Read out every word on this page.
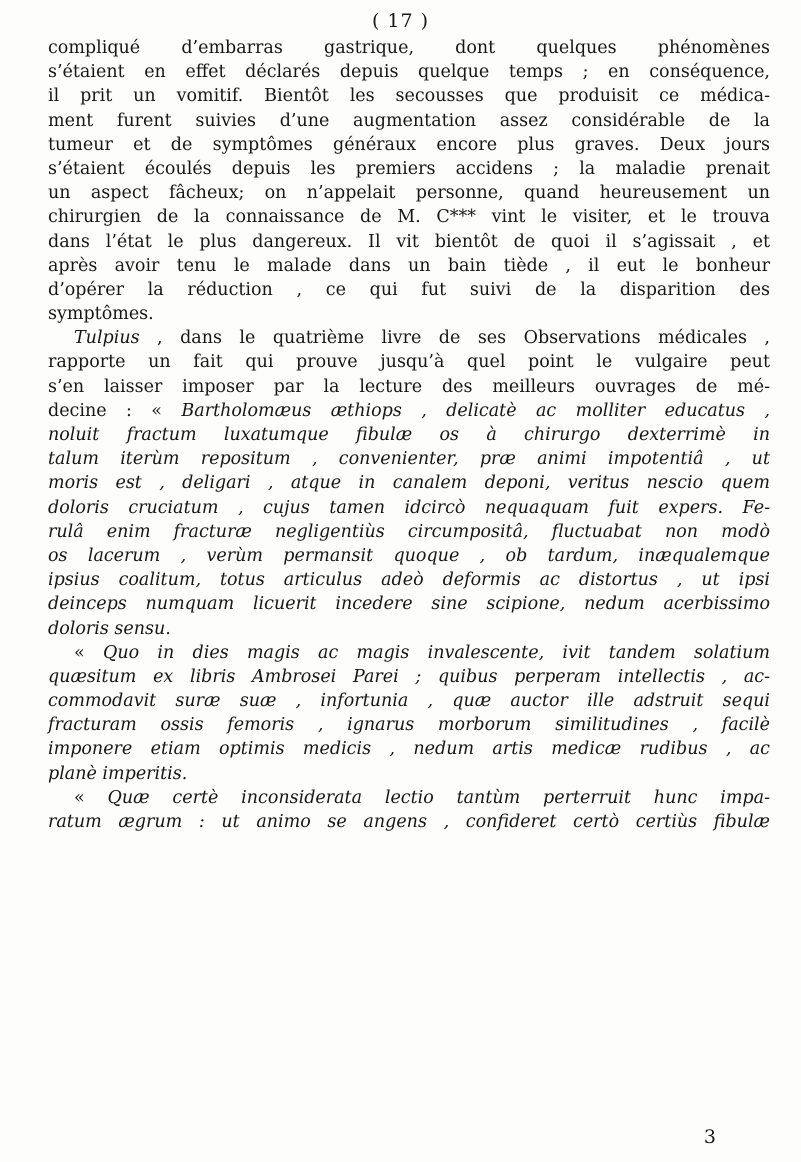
( 17 )
compliqué d’embarras gastrique, dont quelques phénomènes
s’étaient en effet déclarés depuis quelque temps ; en conséquence,
il prit un vomitif. Bientôt les secousses que produisit ce médica-
ment furent suivies d’une augmentation assez considérable de la
tumeur et de symptômes généraux encore plus graves. Deux jours
s’étaient écoulés depuis les premiers accidens ; la maladie prenait
un aspect fâcheux; on n’appelait personne, quand heureusement un
chirurgien de la connaissance de M. C*** vint le visiter, et le trouva
dans l’état le plus dangereux. Il vit bientôt de quoi il s’agissait , et
après avoir tenu le malade dans un bain tiède , il eut le bonheur
d’opérer la réduction , ce qui fut suivi de la disparition des
symptômes.
Tulpius , dans le quatrième livre de ses Observations médicales ,
rapporte un fait qui prouve jusqu’à quel point le vulgaire peut
s’en laisser imposer par la lecture des meilleurs ouvrages de mé-
decine : « Bartholomæus æthiops , delicatè ac molliter educatus ,
noluit fractum luxatumque fibulæ os à chirurgo dexterrimè in
talum iterùm repositum , convenienter, præ animi impotentiâ , ut
moris est , deligari , atque in canalem deponi, veritus nescio quem
doloris cruciatum , cujus tamen idcircò nequaquam fuit expers. Fe-
rulâ enim fracturæ negligentiùs circumpositâ, fluctuabat non modò
os lacerum , verùm permansit quoque , ob tardum, inæqualemque
ipsius coalitum, totus articulus adeò deformis ac distortus , ut ipsi
deinceps numquam licuerit incedere sine scipione, nedum acerbissimo
doloris sensu.
« Quo in dies magis ac magis invalescente, ivit tandem solatium
quæsitum ex libris Ambrosei Parei ; quibus perperam intellectis , ac-
commodavit suræ suæ , infortunia , quæ auctor ille adstruit sequi
fracturam ossis femoris , ignarus morborum similitudines , facilè
imponere etiam optimis medicis , nedum artis medicæ rudibus , ac
planè imperitis.
« Quæ certè inconsiderata lectio tantùm perterruit hunc impa-
ratum ægrum : ut animo se angens , confideret certò certiùs fibulæ
3
